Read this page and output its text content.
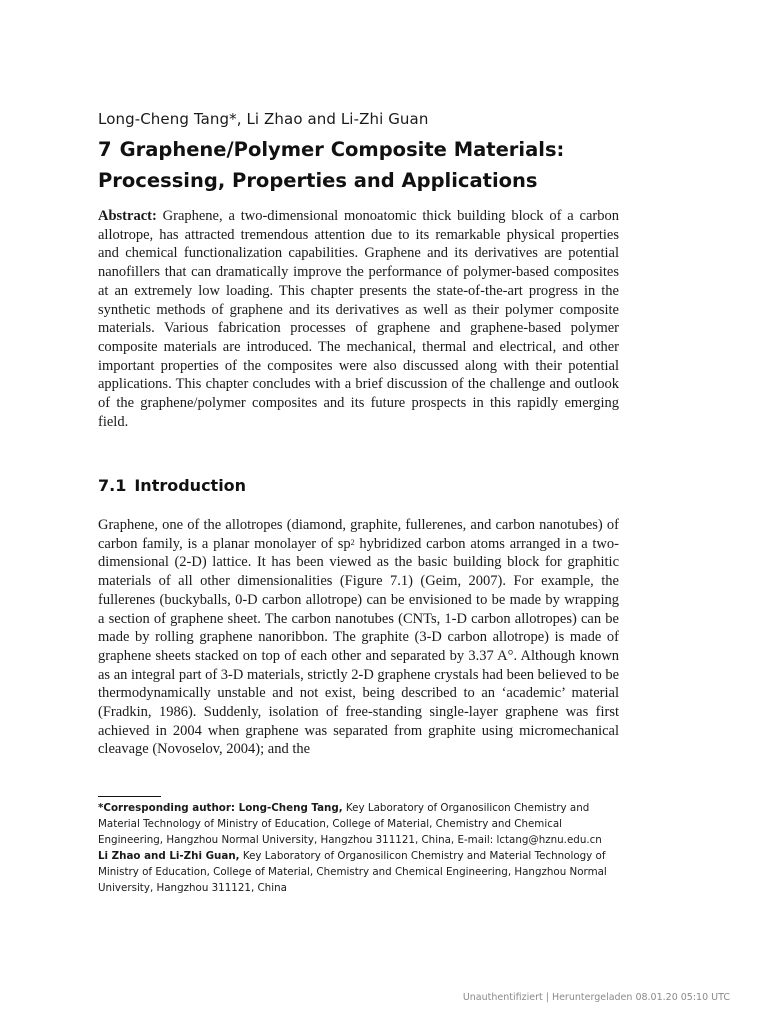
Long-Cheng Tang*, Li Zhao and Li-Zhi Guan
7 Graphene/Polymer Composite Materials:
Processing, Properties and Applications
Abstract: Graphene, a two-dimensional monoatomic thick building block of a carbon allotrope, has attracted tremendous attention due to its remarkable physical properties and chemical functionalization capabilities. Graphene and its derivatives are potential nanofillers that can dramatically improve the performance of polymer-based composites at an extremely low loading. This chapter presents the state-of-the-art progress in the synthetic methods of graphene and its derivatives as well as their polymer composite materials. Various fabrication processes of graphene and graphene-based polymer composite materials are introduced. The mechanical, thermal and electrical, and other important properties of the composites were also discussed along with their potential applications. This chapter concludes with a brief discussion of the challenge and outlook of the graphene/polymer composites and its future prospects in this rapidly emerging field.
7.1 Introduction
Graphene, one of the allotropes (diamond, graphite, fullerenes, and carbon nanotubes) of carbon family, is a planar monolayer of $sp^2$ hybridized carbon atoms arranged in a two-dimensional (2-D) lattice. It has been viewed as the basic building block for graphitic materials of all other dimensionalities (Figure 7.1) (Geim, 2007). For example, the fullerenes (buckyballs, 0-D carbon allotrope) can be envisioned to be made by wrapping a section of graphene sheet. The carbon nanotubes (CNTs, 1-D carbon allotropes) can be made by rolling graphene nanoribbon. The graphite (3-D carbon allotrope) is made of graphene sheets stacked on top of each other and separated by 3.37 A°. Although known as an integral part of 3-D materials, strictly 2-D graphene crystals had been believed to be thermodynamically unstable and not exist, being described to an ‘academic’ material (Fradkin, 1986). Suddenly, isolation of free-standing single-layer graphene was first achieved in 2004 when graphene was separated from graphite using micromechanical cleavage (Novoselov, 2004); and the

*Corresponding author: Long-Cheng Tang, Key Laboratory of Organosilicon Chemistry and Material Technology of Ministry of Education, College of Material, Chemistry and Chemical Engineering, Hangzhou Normal University, Hangzhou 311121, China, E-mail: lctang@hznu.edu.cn

Li Zhao and Li-Zhi Guan, Key Laboratory of Organosilicon Chemistry and Material Technology of Ministry of Education, College of Material, Chemistry and Chemical Engineering, Hangzhou Normal University, Hangzhou 311121, China

Unauthentifiziert | Heruntergeladen 08.01.20 05:10 UTC
